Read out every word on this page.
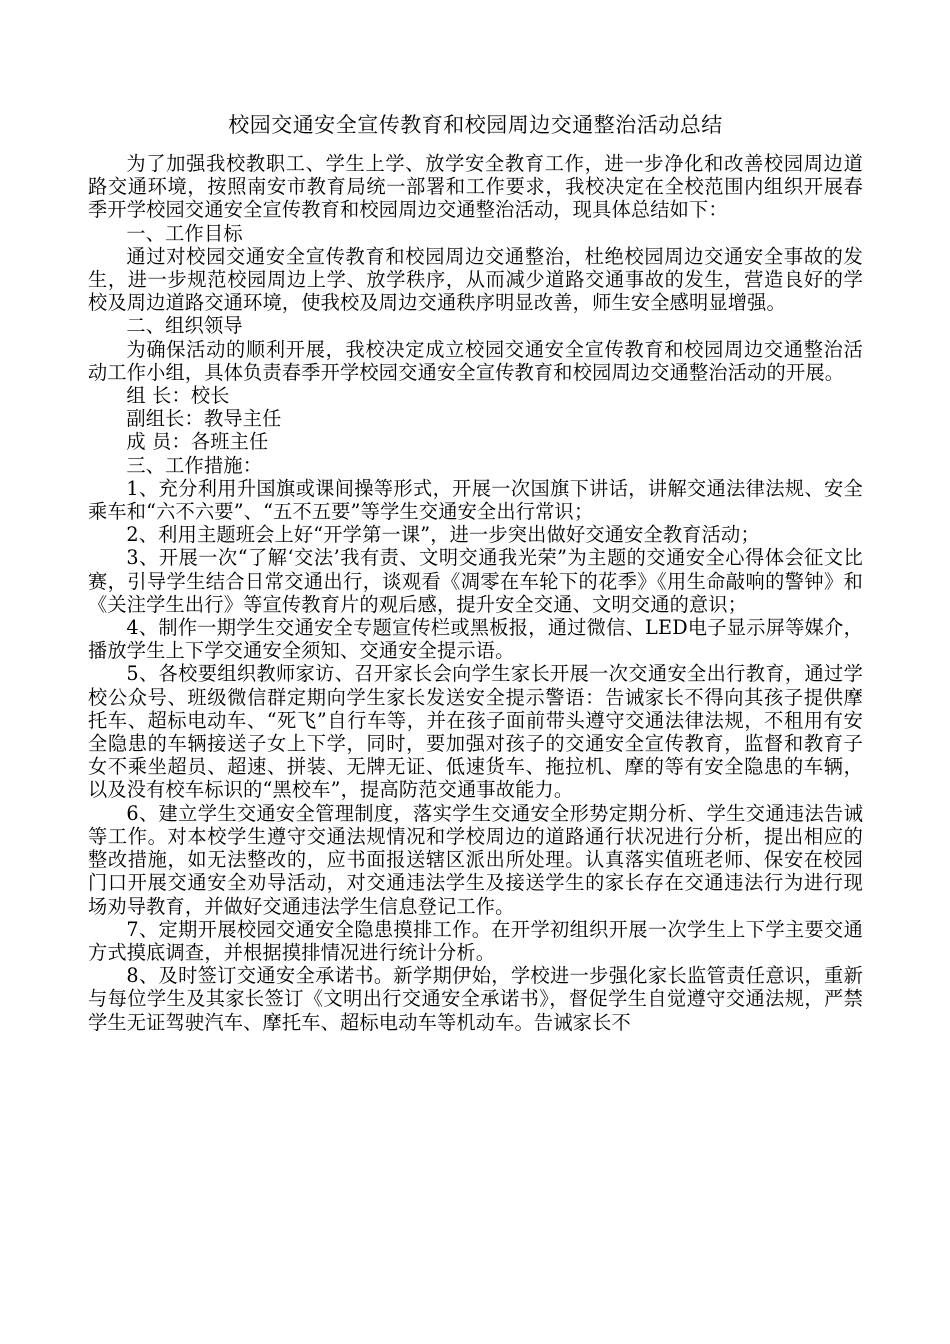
校园交通安全宣传教育和校园周边交通整治活动总结

为了加强我校教职工、学生上学、放学安全教育工作，进一步净化和改善校园周边道路交通环境，按照南安市教育局统一部署和工作要求，我校决定在全校范围内组织开展春季开学校园交通安全宣传教育和校园周边交通整治活动，现具体总结如下：

一、工作目标

通过对校园交通安全宣传教育和校园周边交通整治，杜绝校园周边交通安全事故的发生，进一步规范校园周边上学、放学秩序，从而减少道路交通事故的发生，营造良好的学校及周边道路交通环境，使我校及周边交通秩序明显改善，师生安全感明显增强。

二、组织领导

为确保活动的顺利开展，我校决定成立校园交通安全宣传教育和校园周边交通整治活动工作小组，具体负责春季开学校园交通安全宣传教育和校园周边交通整治活动的开展。

组 长：校长

副组长：教导主任

成 员：各班主任

三、工作措施：

1、充分利用升国旗或课间操等形式，开展一次国旗下讲话，讲解交通法律法规、安全乘车和“六不六要”、“五不五要”等学生交通安全出行常识；

2、利用主题班会上好“开学第一课”，进一步突出做好交通安全教育活动；

3、开展一次“了解‘交法’我有责、文明交通我光荣”为主题的交通安全心得体会征文比赛，引导学生结合日常交通出行，谈观看《凋零在车轮下的花季》《用生命敲响的警钟》和《关注学生出行》等宣传教育片的观后感，提升安全交通、文明交通的意识；

4、制作一期学生交通安全专题宣传栏或黑板报，通过微信、LED电子显示屏等媒介，播放学生上下学交通安全须知、交通安全提示语。

5、各校要组织教师家访、召开家长会向学生家长开展一次交通安全出行教育，通过学校公众号、班级微信群定期向学生家长发送安全提示警语：告诫家长不得向其孩子提供摩托车、超标电动车、“死飞”自行车等，并在孩子面前带头遵守交通法律法规，不租用有安全隐患的车辆接送子女上下学，同时，要加强对孩子的交通安全宣传教育，监督和教育子女不乘坐超员、超速、拼装、无牌无证、低速货车、拖拉机、摩的等有安全隐患的车辆，以及没有校车标识的“黑校车”，提高防范交通事故能力。

6、建立学生交通安全管理制度，落实学生交通安全形势定期分析、学生交通违法告诫等工作。对本校学生遵守交通法规情况和学校周边的道路通行状况进行分析，提出相应的整改措施，如无法整改的，应书面报送辖区派出所处理。认真落实值班老师、保安在校园门口开展交通安全劝导活动，对交通违法学生及接送学生的家长存在交通违法行为进行现场劝导教育，并做好交通违法学生信息登记工作。

7、定期开展校园交通安全隐患摸排工作。在开学初组织开展一次学生上下学主要交通方式摸底调查，并根据摸排情况进行统计分析。

8、及时签订交通安全承诺书。新学期伊始，学校进一步强化家长监管责任意识，重新与每位学生及其家长签订《文明出行交通安全承诺书》，督促学生自觉遵守交通法规，严禁学生无证驾驶汽车、摩托车、超标电动车等机动车。告诫家长不
